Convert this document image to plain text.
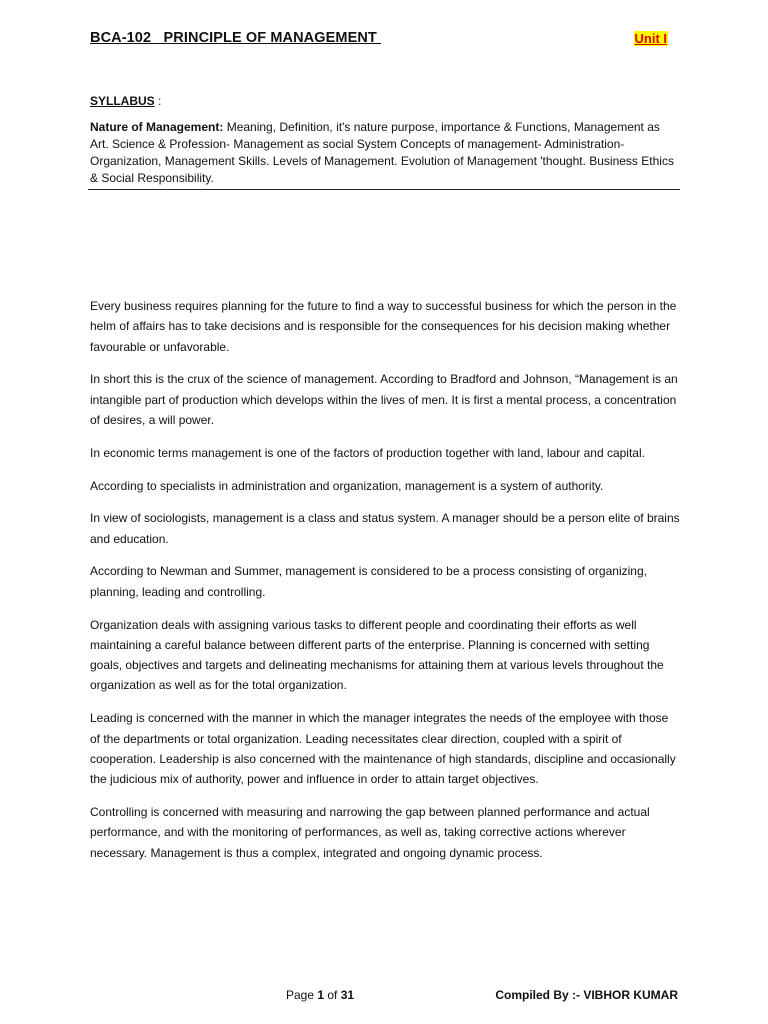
BCA-102   PRINCIPLE OF MANAGEMENT	Unit I
SYLLABUS :
Nature of Management: Meaning, Definition, it's nature purpose, importance & Functions, Management as Art. Science & Profession- Management as social System Concepts of management- Administration-Organization, Management Skills. Levels of Management. Evolution of Management 'thought. Business Ethics & Social Responsibility.

Every business requires planning for the future to find a way to successful business for which the person in the helm of affairs has to take decisions and is responsible for the consequences for his decision making whether favourable or unfavorable.

In short this is the crux of the science of management. According to Bradford and Johnson, “Management is an intangible part of production which develops within the lives of men. It is first a mental process, a concentration of desires, a will power.

In economic terms management is one of the factors of production together with land, labour and capital.

According to specialists in administration and organization, management is a system of authority.

In view of sociologists, management is a class and status system. A manager should be a person elite of brains and education.

According to Newman and Summer, management is considered to be a process consisting of organizing, planning, leading and controlling.

Organization deals with assigning various tasks to different people and coordinating their efforts as well maintaining a careful balance between different parts of the enterprise. Planning is concerned with setting goals, objectives and targets and delineating mechanisms for attaining them at various levels throughout the organization as well as for the total organization.

Leading is concerned with the manner in which the manager integrates the needs of the employee with those of the departments or total organization. Leading necessitates clear direction, coupled with a spirit of cooperation. Leadership is also concerned with the maintenance of high standards, discipline and occasionally the judicious mix of authority, power and influence in order to attain target objectives.

Controlling is concerned with measuring and narrowing the gap between planned performance and actual performance, and with the monitoring of performances, as well as, taking corrective actions wherever necessary. Management is thus a complex, integrated and ongoing dynamic process.

Page 1 of 31	Compiled By :- VIBHOR KUMAR
